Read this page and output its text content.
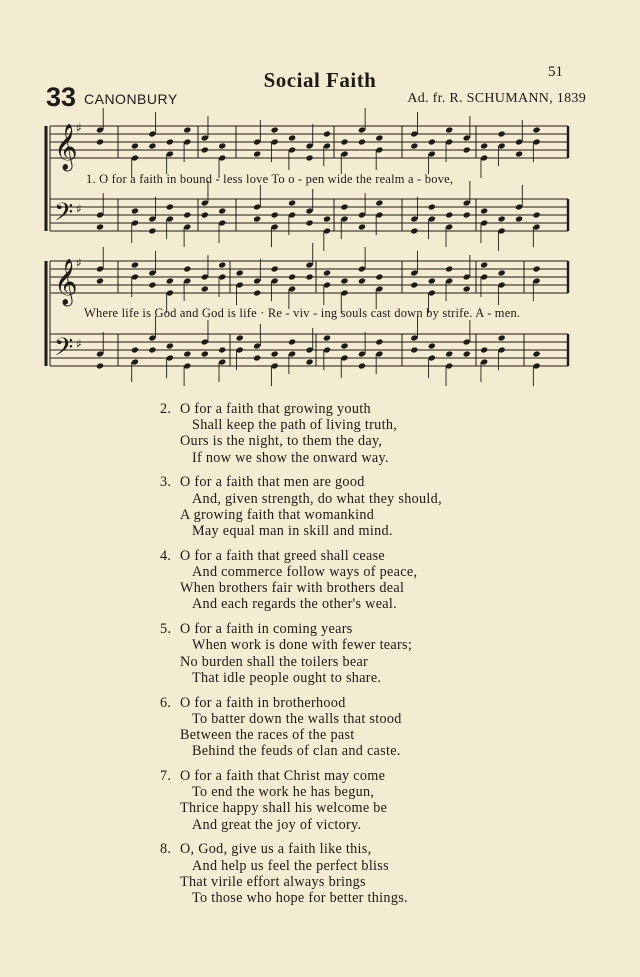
51
Social Faith
33 CANONBURY	Ad. fr. R. SCHUMANN, 1839
𝄞
♯
𝄢 ♯
𝄞
♯
𝄢 ♯
1. O for a faith in bound - less love To o - pen wide the realm a - bove,
Where life is God and God is life · Re - viv - ing souls cast down by strife. A - men.
2. O for a faith that growing youth
Shall keep the path of living truth,
Ours is the night, to them the day,
If now we show the onward way.
3. O for a faith that men are good
And, given strength, do what they should,
A growing faith that womankind
May equal man in skill and mind.
4. O for a faith that greed shall cease
And commerce follow ways of peace,
When brothers fair with brothers deal
And each regards the other's weal.
5. O for a faith in coming years
When work is done with fewer tears;
No burden shall the toilers bear
That idle people ought to share.
6. O for a faith in brotherhood
To batter down the walls that stood
Between the races of the past
Behind the feuds of clan and caste.
7. O for a faith that Christ may come
To end the work he has begun,
Thrice happy shall his welcome be
And great the joy of victory.
8. O, God, give us a faith like this,
And help us feel the perfect bliss
That virile effort always brings
To those who hope for better things.
